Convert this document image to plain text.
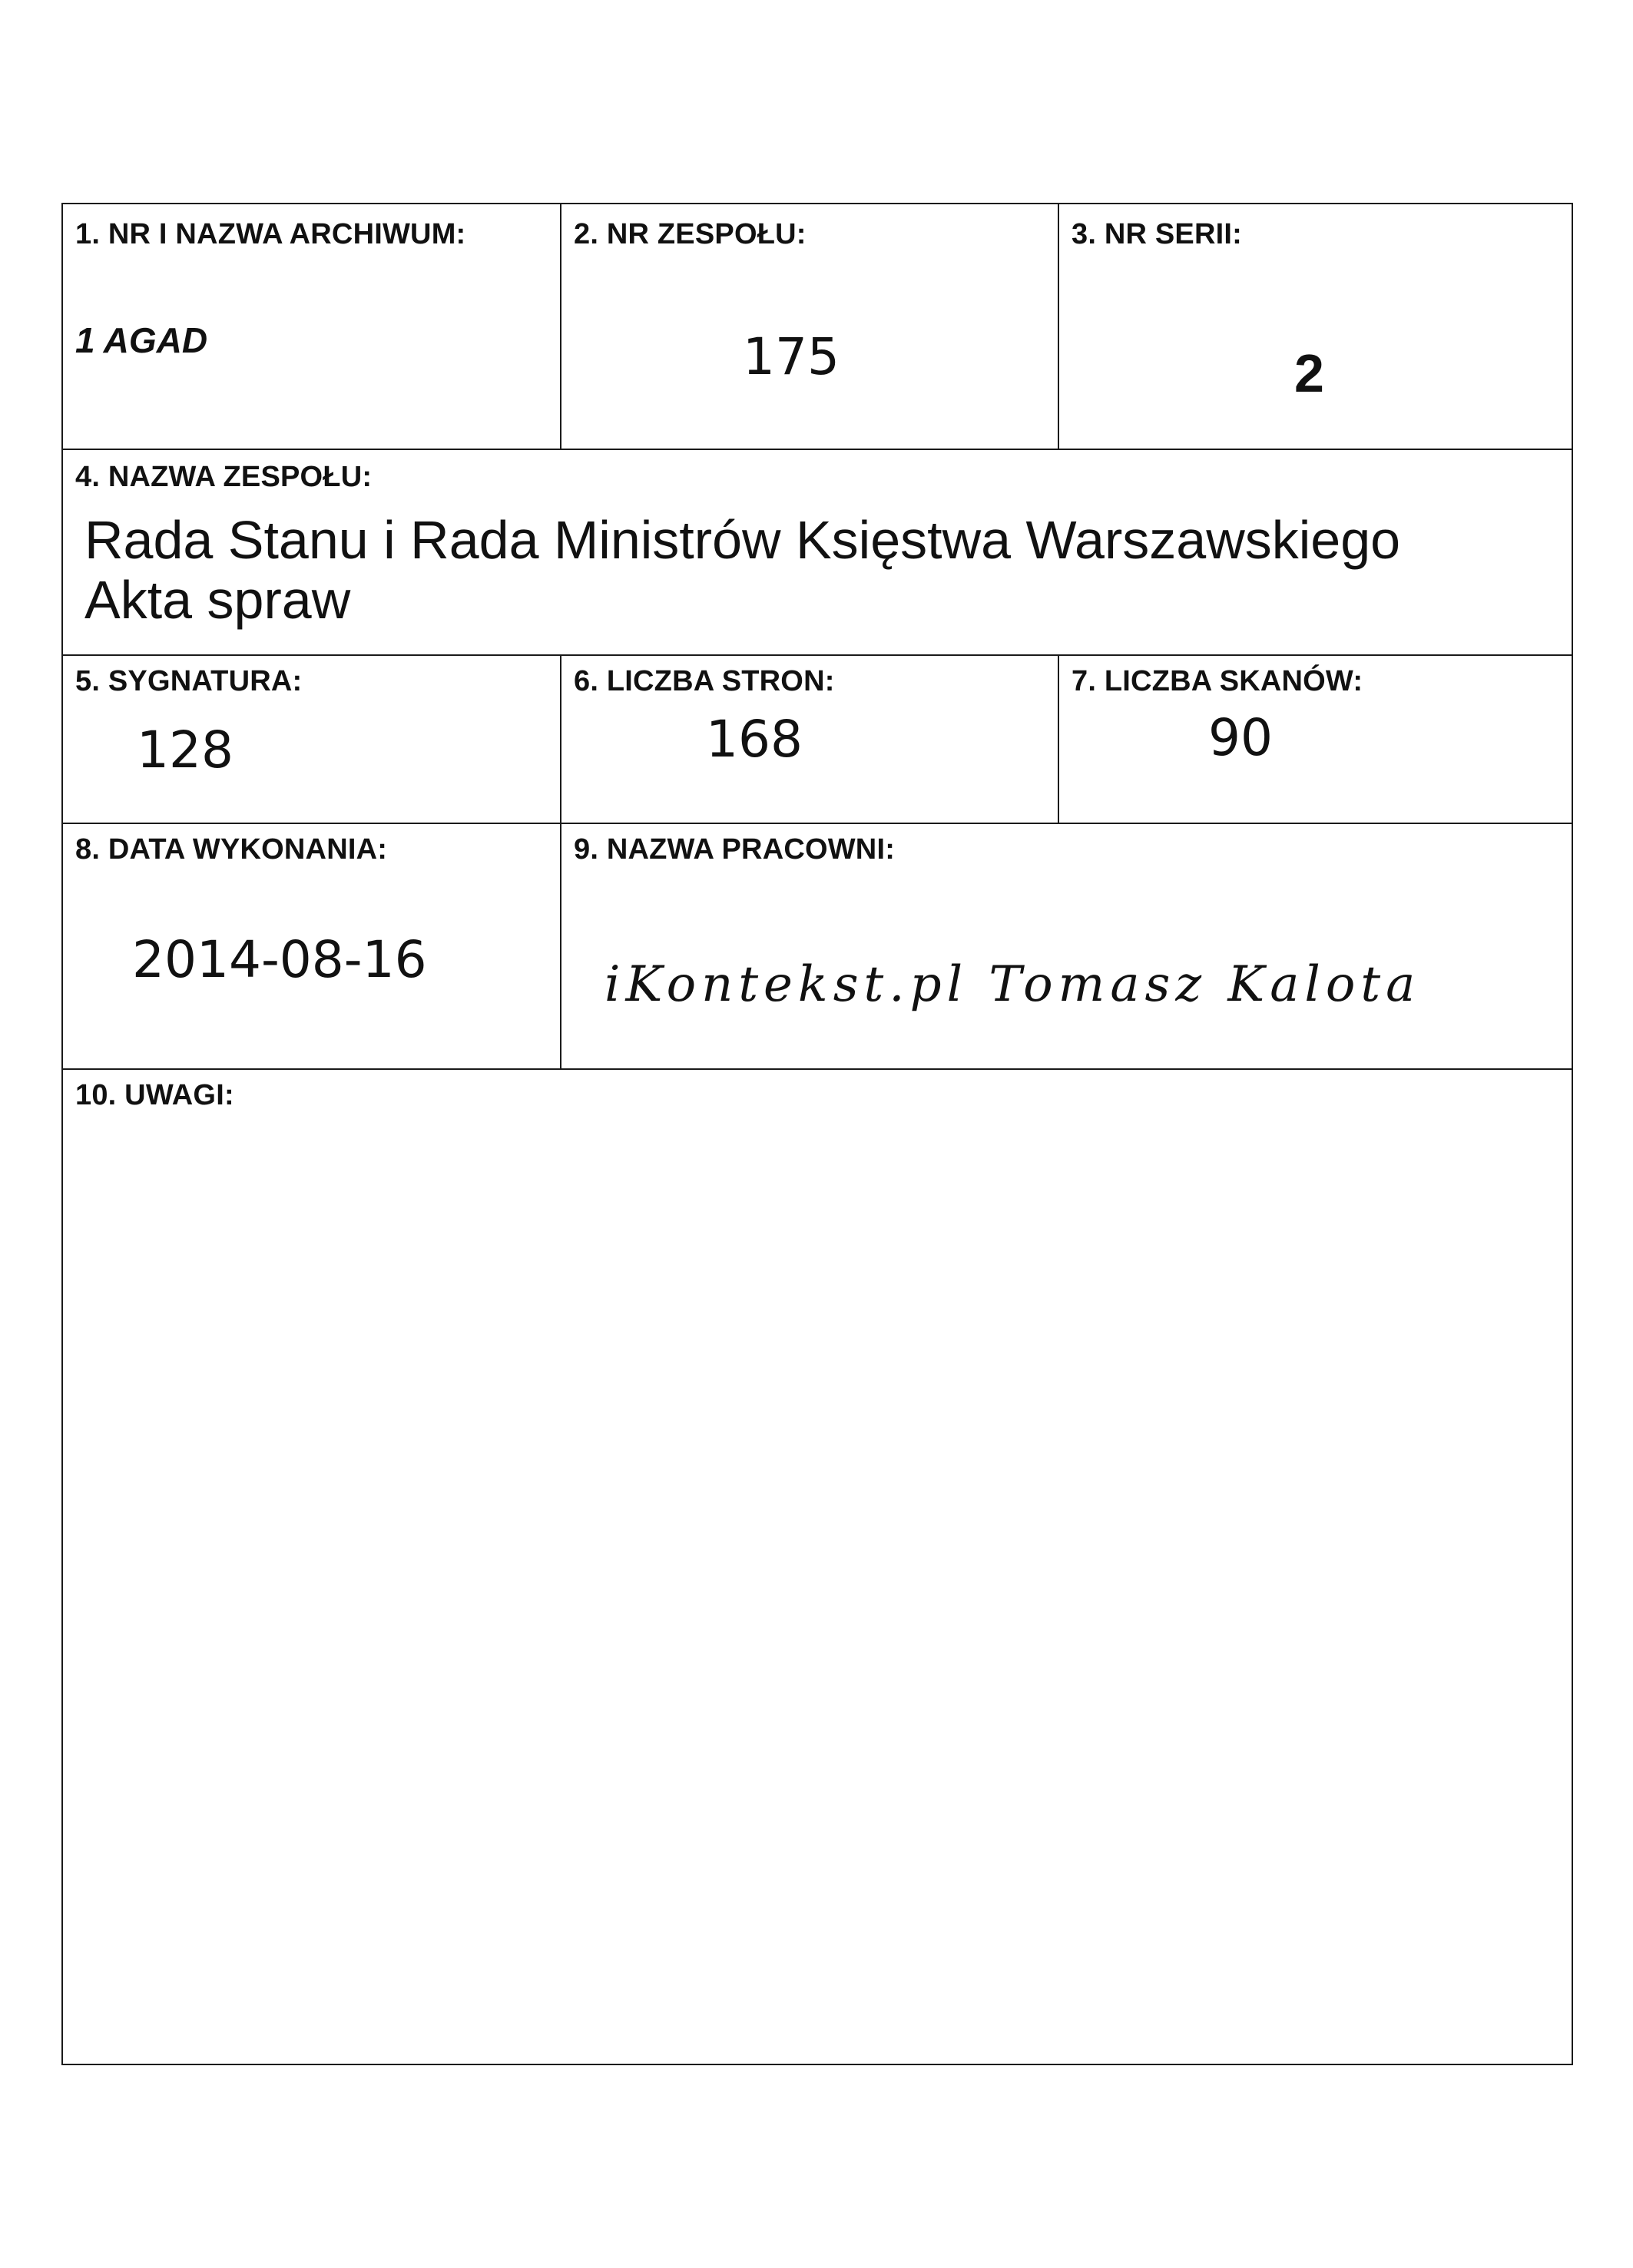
1. NR I NAZWA ARCHIWUM:
1 AGAD
2. NR ZESPOŁU:
175
3. NR SERII:
2
4. NAZWA ZESPOŁU:
Rada Stanu i Rada Ministrów Księstwa Warszawskiego
Akta spraw
5. SYGNATURA:
128
6. LICZBA STRON:
168
7. LICZBA SKANÓW:
90
8. DATA WYKONANIA:
2014-08-16
9. NAZWA PRACOWNI:
iKontekst.pl Tomasz Kalota
10. UWAGI:
